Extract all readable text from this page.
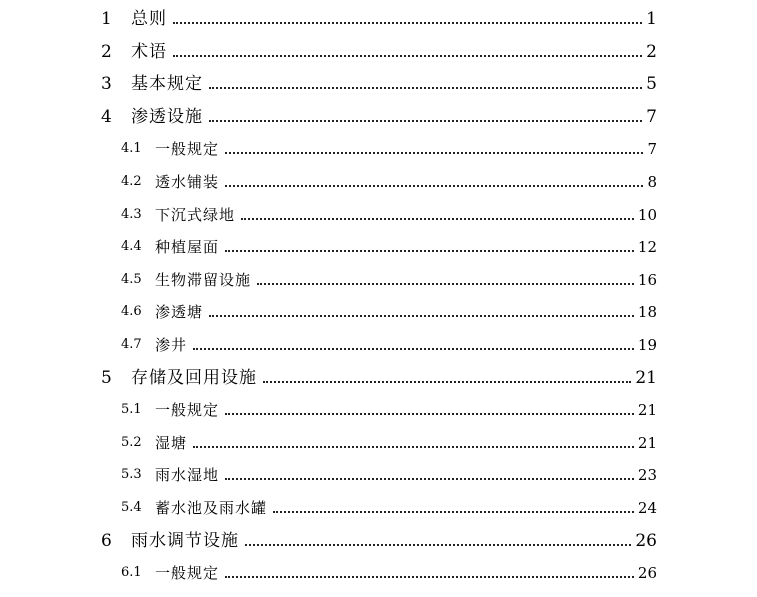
1 总则	1
2 术语	2
3 基本规定	5
4 渗透设施	7
4.1 一般规定	7
4.2 透水铺装	8
4.3 下沉式绿地	10
4.4 种植屋面	12
4.5 生物滞留设施	16
4.6 渗透塘	18
4.7 渗井	19
5 存储及回用设施	21
5.1 一般规定	21
5.2 湿塘	21
5.3 雨水湿地	23
5.4 蓄水池及雨水罐	24
6 雨水调节设施	26
6.1 一般规定	26
